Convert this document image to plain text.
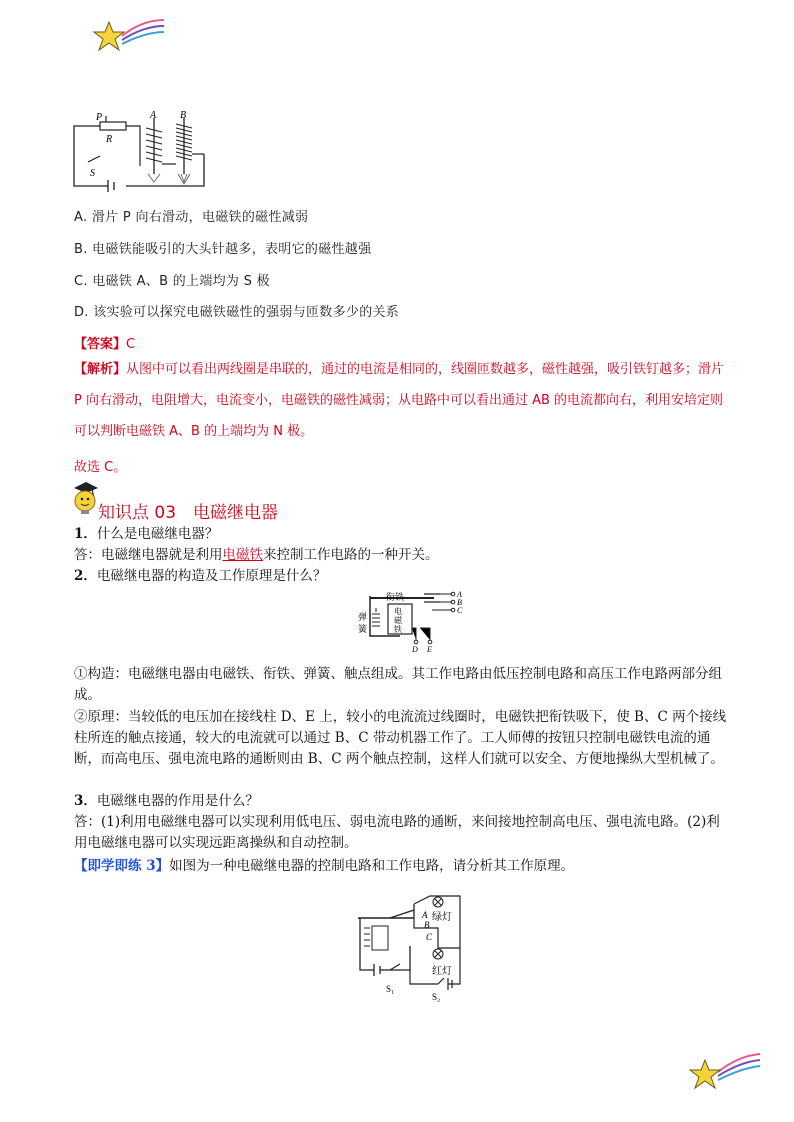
P
R
S
A B
A. 滑片 P 向右滑动，电磁铁的磁性减弱
B. 电磁铁能吸引的大头针越多，表明它的磁性越强
C. 电磁铁 A、B 的上端均为 S 极
D. 该实验可以探究电磁铁磁性的强弱与匝数多少的关系
【答案】C
【解析】从图中可以看出两线圈是串联的，通过的电流是相同的，线圈匝数越多，磁性越强，吸引铁钉越多；滑片 P 向右滑动，电阻增大，电流变小，电磁铁的磁性减弱；从电路中可以看出通过 AB 的电流都向右，利用安培定则可以判断电磁铁 A、B 的上端均为 N 极。
故选 C。
知识点 03　电磁继电器
1．什么是电磁继电器？
答：电磁继电器就是利用电磁铁来控制工作电路的一种开关。
2．电磁继电器的构造及工作原理是什么？
衔铁
弹
簧
电
磁
铁
A
B
C
D E
①构造：电磁继电器由电磁铁、衔铁、弹簧、触点组成。其工作电路由低压控制电路和高压工作电路两部分组成。
②原理：当较低的电压加在接线柱 D、E 上，较小的电流流过线圈时，电磁铁把衔铁吸下，使 B、C 两个接线柱所连的触点接通，较大的电流就可以通过 B、C 带动机器工作了。工人师傅的按钮只控制电磁铁电流的通断，而高电压、强电流电路的通断则由 B、C 两个触点控制，这样人们就可以安全、方便地操纵大型机械了。
3．电磁继电器的作用是什么？
答：(1)利用电磁继电器可以实现利用低电压、弱电流电路的通断，来间接地控制高电压、强电流电路。(2)利用电磁继电器可以实现远距离操纵和自动控制。
【即学即练 3】如图为一种电磁继电器的控制电路和工作电路，请分析其工作原理。
绿灯
红灯
A
B
C
S₁
S₂
